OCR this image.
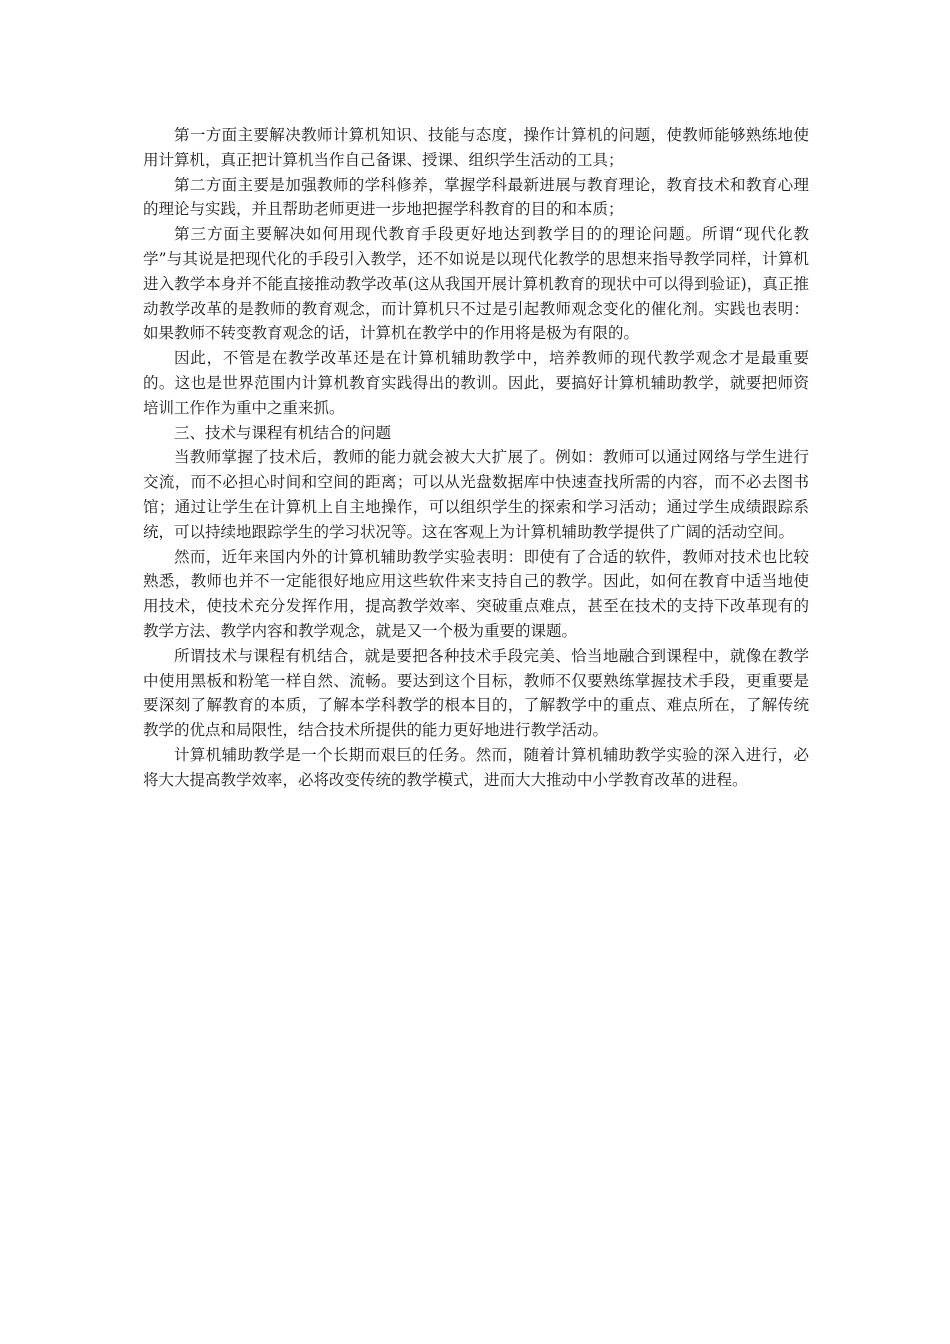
第一方面主要解决教师计算机知识、技能与态度，操作计算机的问题，使教师能够熟练地使用计算机，真正把计算机当作自己备课、授课、组织学生活动的工具；

第二方面主要是加强教师的学科修养，掌握学科最新进展与教育理论，教育技术和教育心理的理论与实践，并且帮助老师更进一步地把握学科教育的目的和本质；

第三方面主要解决如何用现代教育手段更好地达到教学目的的理论问题。所谓“现代化教学”与其说是把现代化的手段引入教学，还不如说是以现代化教学的思想来指导教学同样，计算机进入教学本身并不能直接推动教学改革(这从我国开展计算机教育的现状中可以得到验证)，真正推动教学改革的是教师的教育观念，而计算机只不过是引起教师观念变化的催化剂。实践也表明：如果教师不转变教育观念的话，计算机在教学中的作用将是极为有限的。

因此，不管是在教学改革还是在计算机辅助教学中，培养教师的现代教学观念才是最重要的。这也是世界范围内计算机教育实践得出的教训。因此，要搞好计算机辅助教学，就要把师资培训工作作为重中之重来抓。

三、技术与课程有机结合的问题

当教师掌握了技术后，教师的能力就会被大大扩展了。例如：教师可以通过网络与学生进行交流，而不必担心时间和空间的距离；可以从光盘数据库中快速查找所需的内容，而不必去图书馆；通过让学生在计算机上自主地操作，可以组织学生的探索和学习活动；通过学生成绩跟踪系统，可以持续地跟踪学生的学习状况等。这在客观上为计算机辅助教学提供了广阔的活动空间。

然而，近年来国内外的计算机辅助教学实验表明：即使有了合适的软件，教师对技术也比较熟悉，教师也并不一定能很好地应用这些软件来支持自己的教学。因此，如何在教育中适当地使用技术，使技术充分发挥作用，提高教学效率、突破重点难点，甚至在技术的支持下改革现有的教学方法、教学内容和教学观念，就是又一个极为重要的课题。

所谓技术与课程有机结合，就是要把各种技术手段完美、恰当地融合到课程中，就像在教学中使用黑板和粉笔一样自然、流畅。要达到这个目标，教师不仅要熟练掌握技术手段，更重要是要深刻了解教育的本质，了解本学科教学的根本目的，了解教学中的重点、难点所在，了解传统教学的优点和局限性，结合技术所提供的能力更好地进行教学活动。

计算机辅助教学是一个长期而艰巨的任务。然而，随着计算机辅助教学实验的深入进行，必将大大提高教学效率，必将改变传统的教学模式，进而大大推动中小学教育改革的进程。
